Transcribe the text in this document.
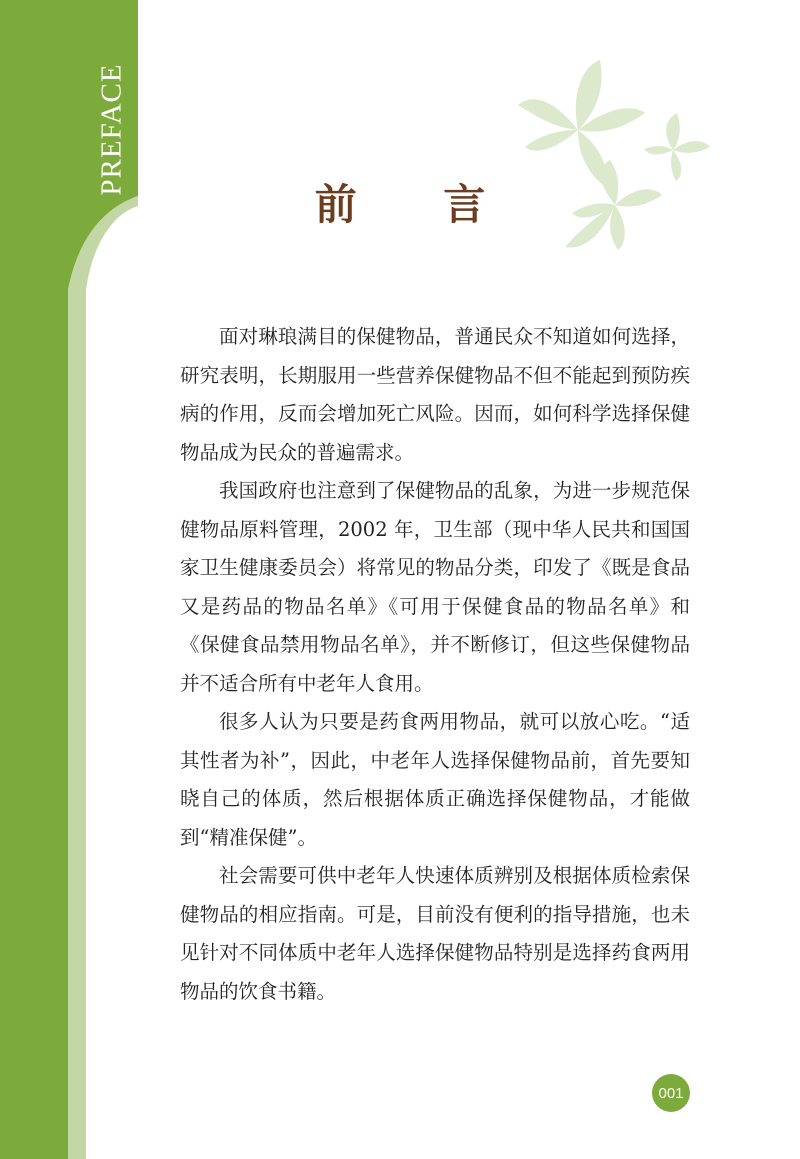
PREFACE
前 言

面对琳琅满目的保健物品，普通民众不知道如何选择，研究表明，长期服用一些营养保健物品不但不能起到预防疾病的作用，反而会增加死亡风险。因而，如何科学选择保健物品成为民众的普遍需求。

我国政府也注意到了保健物品的乱象，为进一步规范保健物品原料管理，2002 年，卫生部（现中华人民共和国国家卫生健康委员会）将常见的物品分类，印发了《既是食品又是药品的物品名单》《可用于保健食品的物品名单》和《保健食品禁用物品名单》，并不断修订，但这些保健物品并不适合所有中老年人食用。

很多人认为只要是药食两用物品，就可以放心吃。“适其性者为补”，因此，中老年人选择保健物品前，首先要知晓自己的体质，然后根据体质正确选择保健物品，才能做到“精准保健”。

社会需要可供中老年人快速体质辨别及根据体质检索保健物品的相应指南。可是，目前没有便利的指导措施，也未见针对不同体质中老年人选择保健物品特别是选择药食两用物品的饮食书籍。

001
